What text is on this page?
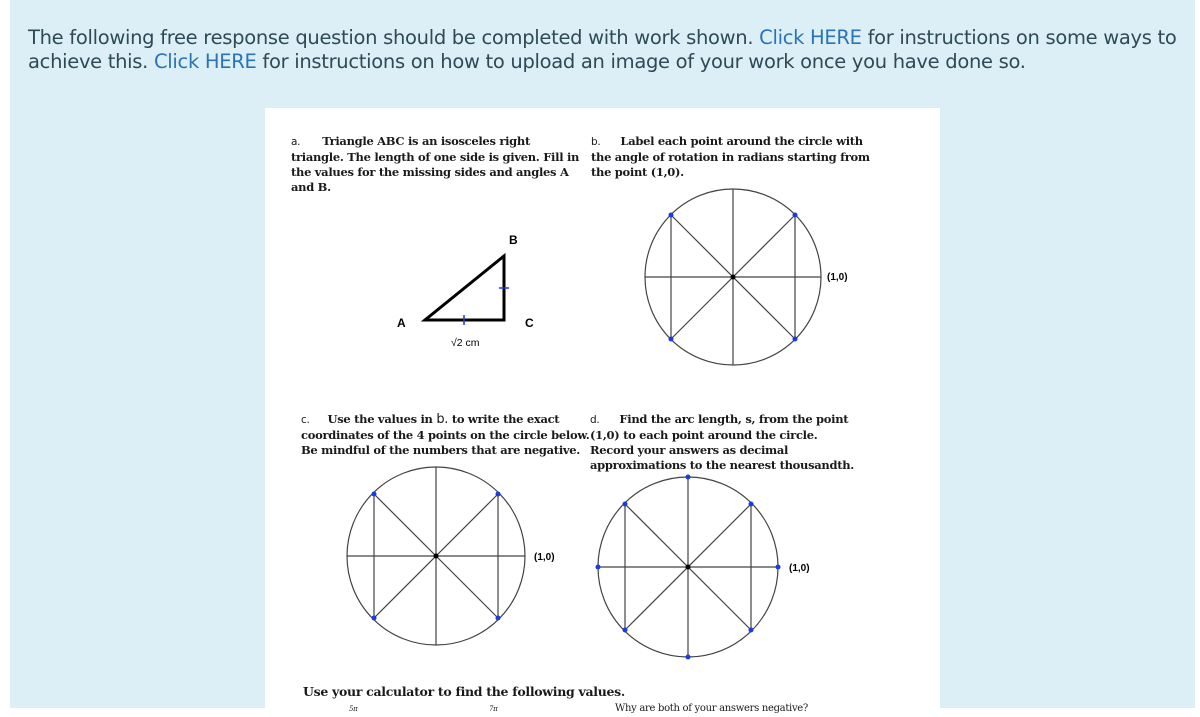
The following free response question should be completed with work shown. Click HERE for instructions on some ways to achieve this. Click HERE for instructions on how to upload an image of your work once you have done so.
a. Triangle ABC is an isosceles right triangle. The length of one side is given. Fill in the values for the missing sides and angles A and B.
b. Label each point around the circle with the angle of rotation in radians starting from the point (1,0).
A
B
C
√2 cm
(1,0)
c. Use the values in b. to write the exact coordinates of the 4 points on the circle below. Be mindful of the numbers that are negative.
d. Find the arc length, s, from the point (1,0) to each point around the circle. Record your answers as decimal approximations to the nearest thousandth.
(1,0)
(1,0)
Use your calculator to find the following values.
5π	7π	Why are both of your answers negative?
